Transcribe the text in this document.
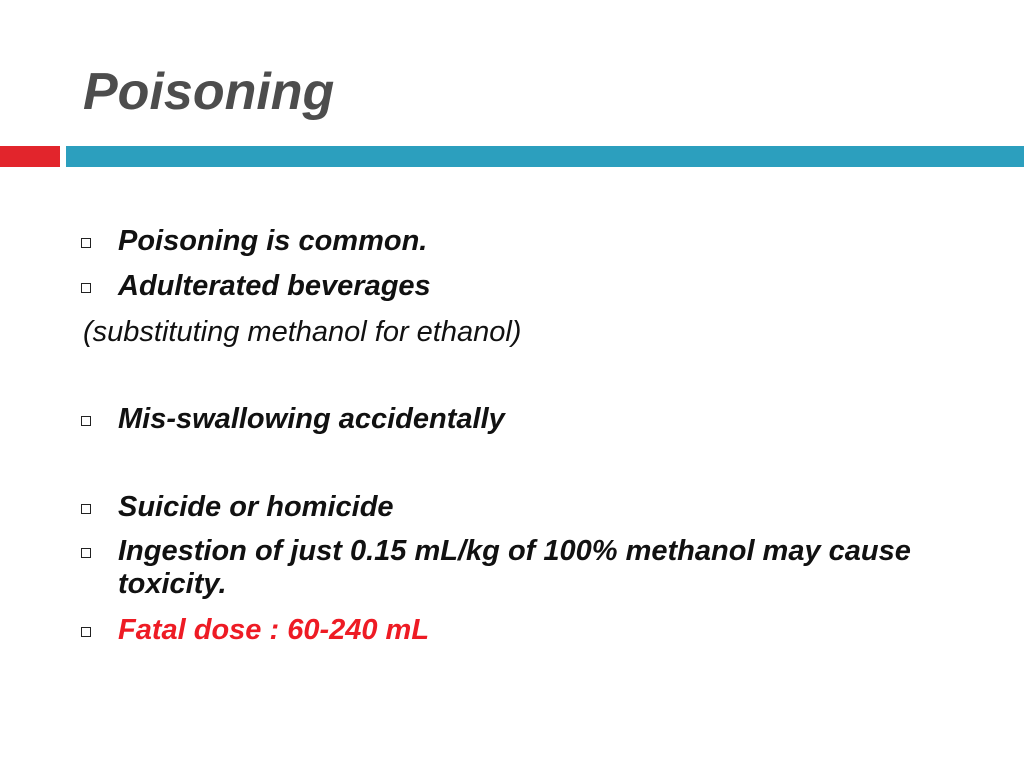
Poisoning
Poisoning is common.
Adulterated beverages
(substituting methanol for ethanol)
Mis-swallowing accidentally
Suicide or homicide
Ingestion of just 0.15 mL/kg of 100% methanol may cause toxicity.
Fatal dose : 60-240 mL
